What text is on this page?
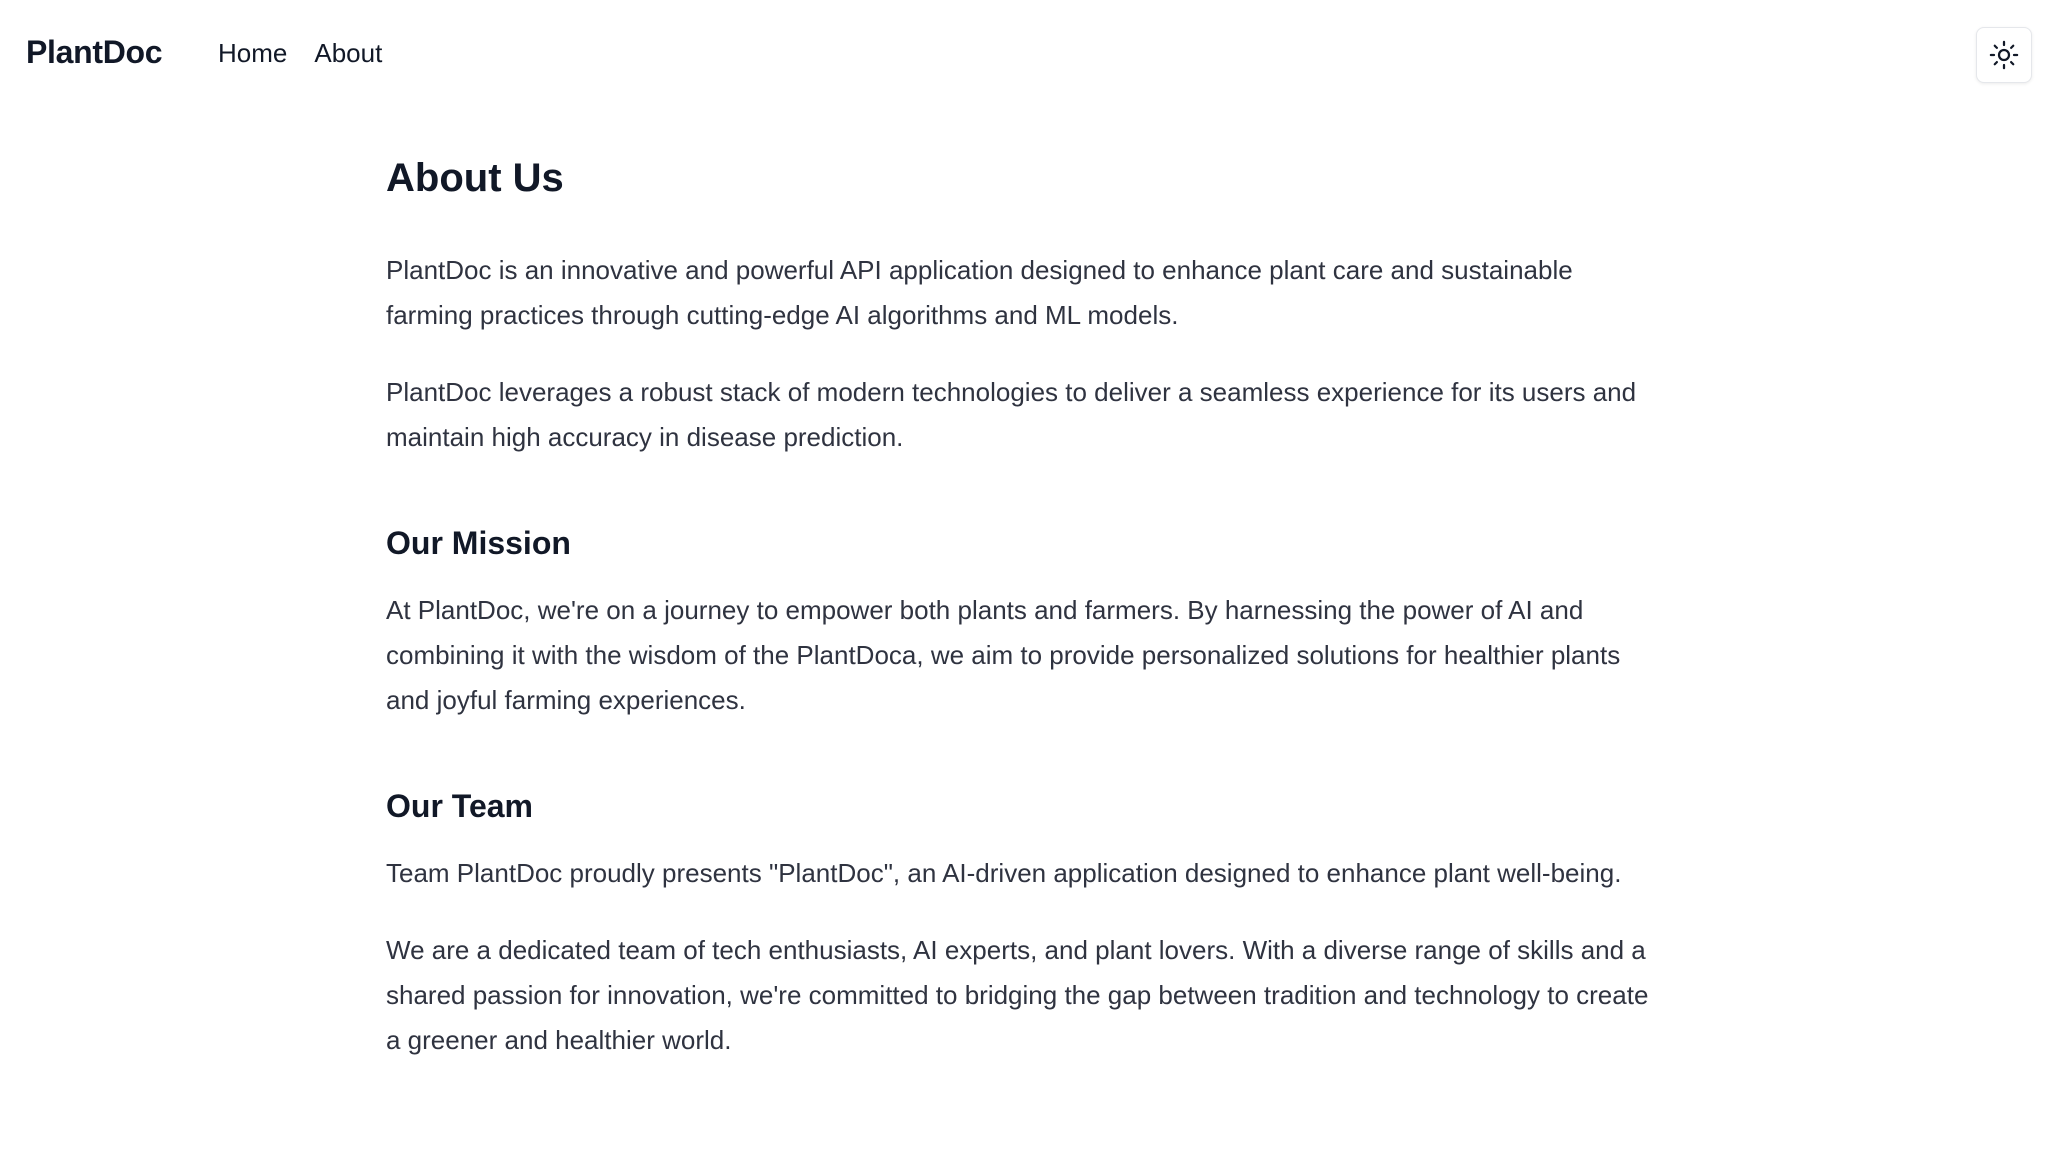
PlantDoc Home About
About Us

PlantDoc is an innovative and powerful API application designed to enhance plant care and sustainable farming practices through cutting-edge AI algorithms and ML models.

PlantDoc leverages a robust stack of modern technologies to deliver a seamless experience for its users and maintain high accuracy in disease prediction.

Our Mission

At PlantDoc, we're on a journey to empower both plants and farmers. By harnessing the power of AI and combining it with the wisdom of the PlantDoca, we aim to provide personalized solutions for healthier plants and joyful farming experiences.

Our Team

Team PlantDoc proudly presents "PlantDoc", an AI-driven application designed to enhance plant well-being.

We are a dedicated team of tech enthusiasts, AI experts, and plant lovers. With a diverse range of skills and a shared passion for innovation, we're committed to bridging the gap between tradition and technology to create a greener and healthier world.
